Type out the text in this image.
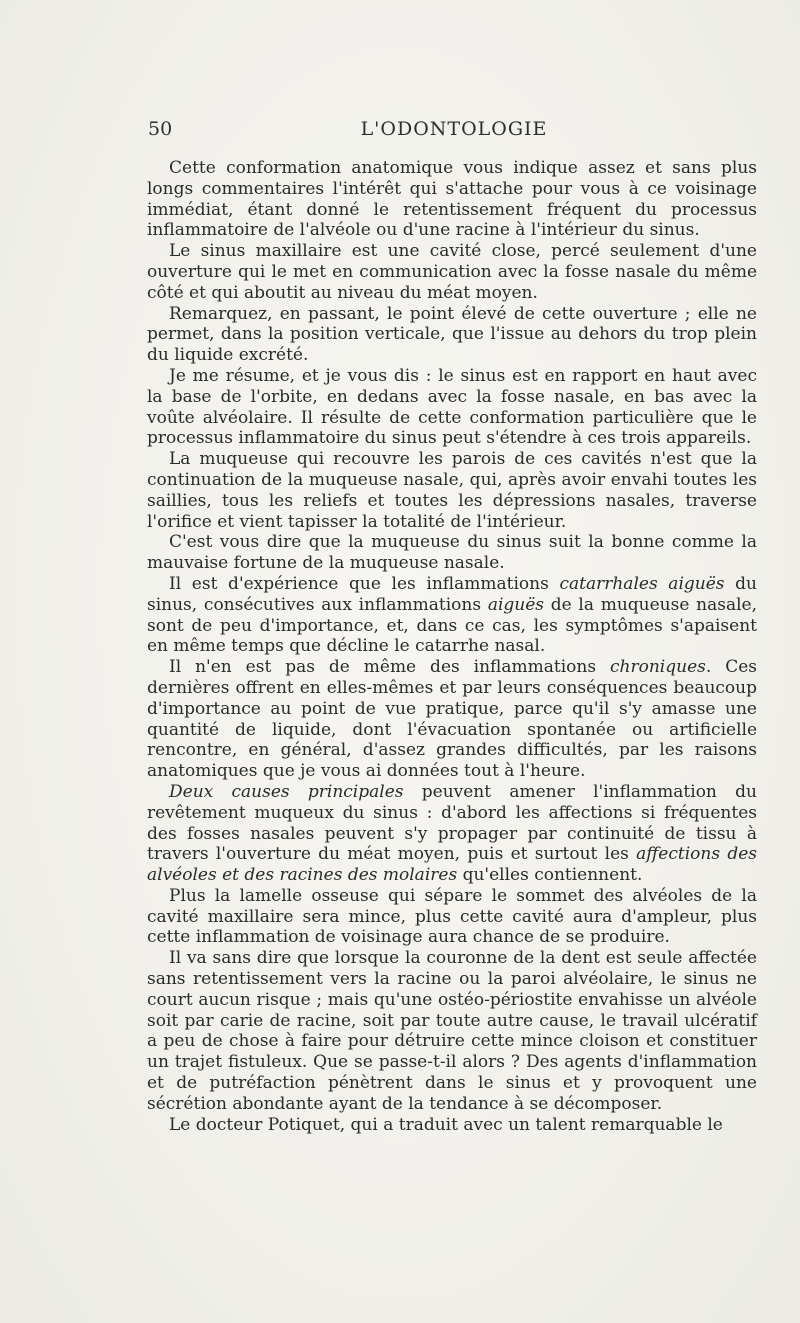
50	L'ODONTOLOGIE

Cette conformation anatomique vous indique assez et sans plus longs commentaires l'intérêt qui s'attache pour vous à ce voisinage immédiat, étant donné le retentissement fréquent du processus inflammatoire de l'alvéole ou d'une racine à l'intérieur du sinus.

Le sinus maxillaire est une cavité close, percé seulement d'une ouverture qui le met en communication avec la fosse nasale du même côté et qui aboutit au niveau du méat moyen.

Remarquez, en passant, le point élevé de cette ouverture ; elle ne permet, dans la position verticale, que l'issue au dehors du trop plein du liquide excrété.

Je me résume, et je vous dis : le sinus est en rapport en haut avec la base de l'orbite, en dedans avec la fosse nasale, en bas avec la voûte alvéolaire. Il résulte de cette conformation particulière que le processus inflammatoire du sinus peut s'étendre à ces trois appareils.

La muqueuse qui recouvre les parois de ces cavités n'est que la continuation de la muqueuse nasale, qui, après avoir envahi toutes les saillies, tous les reliefs et toutes les dépressions nasales, traverse l'orifice et vient tapisser la totalité de l'intérieur.

C'est vous dire que la muqueuse du sinus suit la bonne comme la mauvaise fortune de la muqueuse nasale.

Il est d'expérience que les inflammations catarrhales aiguës du sinus, consécutives aux inflammations aiguës de la muqueuse nasale, sont de peu d'importance, et, dans ce cas, les symptômes s'apaisent en même temps que décline le catarrhe nasal.

Il n'en est pas de même des inflammations chroniques. Ces dernières offrent en elles-mêmes et par leurs conséquences beaucoup d'importance au point de vue pratique, parce qu'il s'y amasse une quantité de liquide, dont l'évacuation spontanée ou artificielle rencontre, en général, d'assez grandes difficultés, par les raisons anatomiques que je vous ai données tout à l'heure.

Deux causes principales peuvent amener l'inflammation du revêtement muqueux du sinus : d'abord les affections si fréquentes des fosses nasales peuvent s'y propager par continuité de tissu à travers l'ouverture du méat moyen, puis et surtout les affections des alvéoles et des racines des molaires qu'elles contiennent.

Plus la lamelle osseuse qui sépare le sommet des alvéoles de la cavité maxillaire sera mince, plus cette cavité aura d'ampleur, plus cette inflammation de voisinage aura chance de se produire.

Il va sans dire que lorsque la couronne de la dent est seule affectée sans retentissement vers la racine ou la paroi alvéolaire, le sinus ne court aucun risque ; mais qu'une ostéo-périostite envahisse un alvéole soit par carie de racine, soit par toute autre cause, le travail ulcératif a peu de chose à faire pour détruire cette mince cloison et constituer un trajet fistuleux. Que se passe-t-il alors ? Des agents d'inflammation et de putréfaction pénètrent dans le sinus et y provoquent une sécrétion abondante ayant de la tendance à se décomposer.

Le docteur Potiquet, qui a traduit avec un talent remarquable le
